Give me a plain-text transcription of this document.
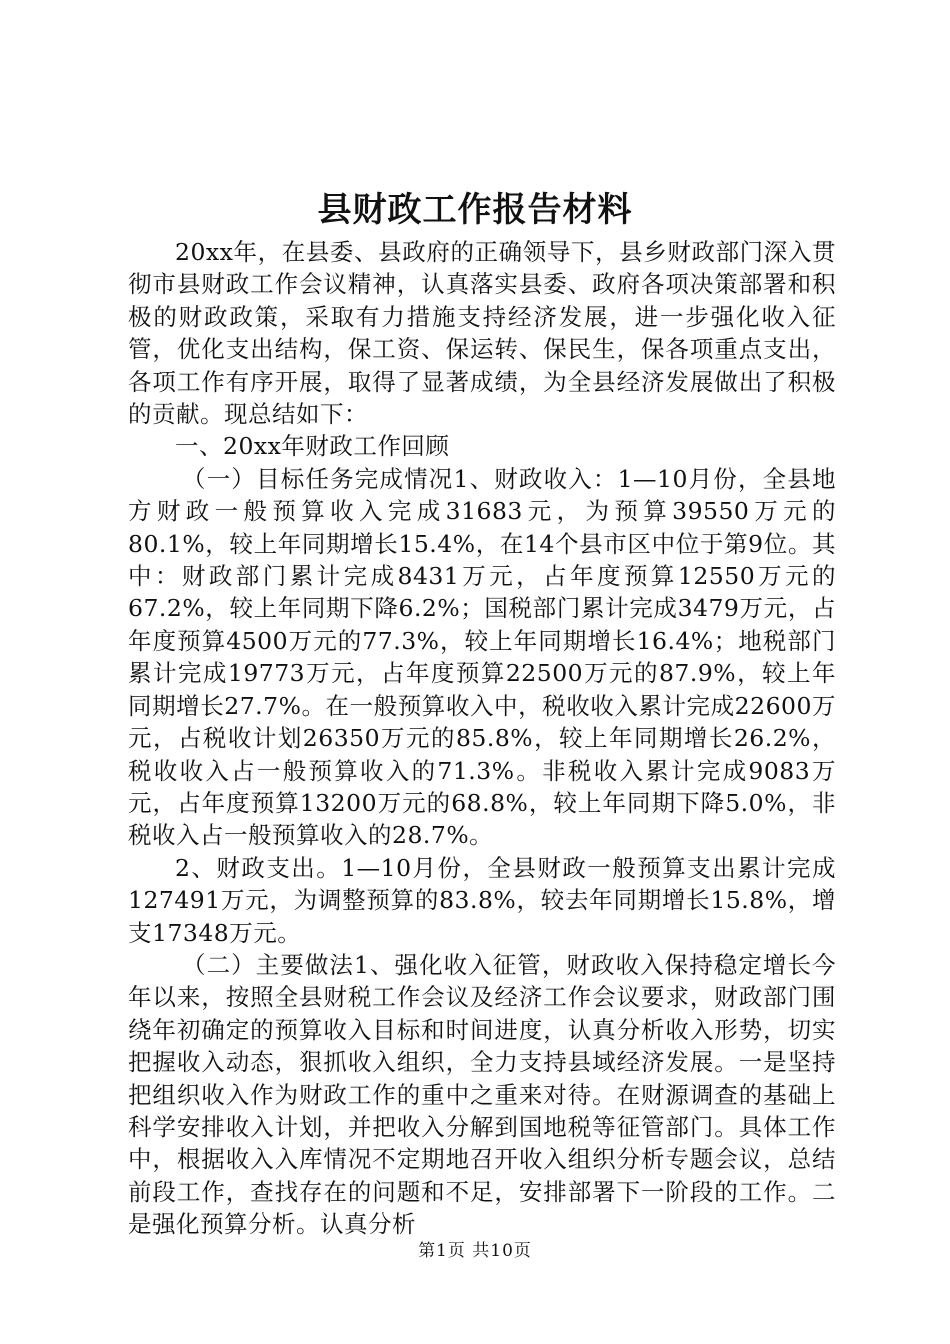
县财政工作报告材料

20xx年，在县委、县政府的正确领导下，县乡财政部门深入贯彻市县财政工作会议精神，认真落实县委、政府各项决策部署和积极的财政政策，采取有力措施支持经济发展，进一步强化收入征管，优化支出结构，保工资、保运转、保民生，保各项重点支出，各项工作有序开展，取得了显著成绩，为全县经济发展做出了积极的贡献。现总结如下：

一、20xx年财政工作回顾

（一）目标任务完成情况1、财政收入：1—10月份，全县地方财政一般预算收入完成31683元，为预算39550万元的80.1%，较上年同期增长15.4%，在14个县市区中位于第9位。其中：财政部门累计完成8431万元，占年度预算12550万元的67.2%，较上年同期下降6.2%；国税部门累计完成3479万元，占年度预算4500万元的77.3%，较上年同期增长16.4%；地税部门累计完成19773万元，占年度预算22500万元的87.9%，较上年同期增长27.7%。在一般预算收入中，税收收入累计完成22600万元，占税收计划26350万元的85.8%，较上年同期增长26.2%，税收收入占一般预算收入的71.3%。非税收入累计完成9083万元，占年度预算13200万元的68.8%，较上年同期下降5.0%，非税收入占一般预算收入的28.7%。

2、财政支出。1—10月份，全县财政一般预算支出累计完成127491万元，为调整预算的83.8%，较去年同期增长15.8%，增支17348万元。

（二）主要做法1、强化收入征管，财政收入保持稳定增长今年以来，按照全县财税工作会议及经济工作会议要求，财政部门围绕年初确定的预算收入目标和时间进度，认真分析收入形势，切实把握收入动态，狠抓收入组织，全力支持县域经济发展。一是坚持把组织收入作为财政工作的重中之重来对待。在财源调查的基础上科学安排收入计划，并把收入分解到国地税等征管部门。具体工作中，根据收入入库情况不定期地召开收入组织分析专题会议，总结前段工作，查找存在的问题和不足，安排部署下一阶段的工作。二是强化预算分析。认真分析

第1页 共10页
